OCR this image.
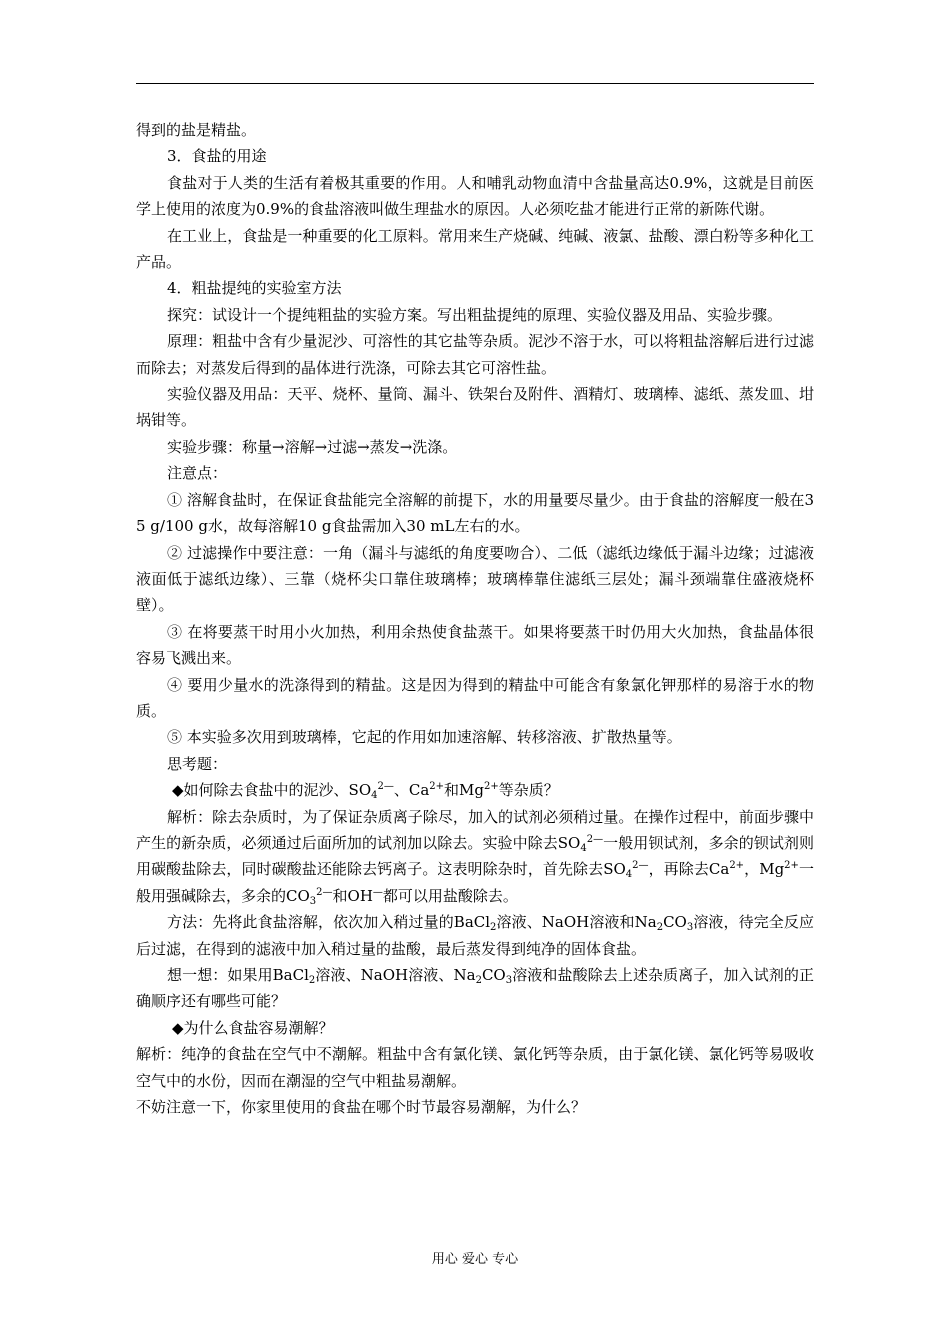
得到的盐是精盐。

3．食盐的用途

食盐对于人类的生活有着极其重要的作用。人和哺乳动物血清中含盐量高达0.9%，这就是目前医学上使用的浓度为0.9%的食盐溶液叫做生理盐水的原因。人必须吃盐才能进行正常的新陈代谢。

在工业上，食盐是一种重要的化工原料。常用来生产烧碱、纯碱、液氯、盐酸、漂白粉等多种化工产品。

4．粗盐提纯的实验室方法

探究：试设计一个提纯粗盐的实验方案。写出粗盐提纯的原理、实验仪器及用品、实验步骤。

原理：粗盐中含有少量泥沙、可溶性的其它盐等杂质。泥沙不溶于水，可以将粗盐溶解后进行过滤而除去；对蒸发后得到的晶体进行洗涤，可除去其它可溶性盐。

实验仪器及用品：天平、烧杯、量筒、漏斗、铁架台及附件、酒精灯、玻璃棒、滤纸、蒸发皿、坩埚钳等。

实验步骤：称量→溶解→过滤→蒸发→洗涤。

注意点：

① 溶解食盐时，在保证食盐能完全溶解的前提下，水的用量要尽量少。由于食盐的溶解度一般在35 g/100 g水，故每溶解10 g食盐需加入30 mL左右的水。

② 过滤操作中要注意：一角（漏斗与滤纸的角度要吻合）、二低（滤纸边缘低于漏斗边缘；过滤液液面低于滤纸边缘）、三靠（烧杯尖口靠住玻璃棒；玻璃棒靠住滤纸三层处；漏斗颈端靠住盛液烧杯壁）。

③ 在将要蒸干时用小火加热，利用余热使食盐蒸干。如果将要蒸干时仍用大火加热，食盐晶体很容易飞溅出来。

④ 要用少量水的洗涤得到的精盐。这是因为得到的精盐中可能含有象氯化钾那样的易溶于水的物质。

⑤ 本实验多次用到玻璃棒，它起的作用如加速溶解、转移溶液、扩散热量等。

思考题：

◆如何除去食盐中的泥沙、$SO_4^{2—}$、$Ca^{2+}$和$Mg^{2+}$等杂质？

解析：除去杂质时，为了保证杂质离子除尽，加入的试剂必须稍过量。在操作过程中，前面步骤中产生的新杂质，必须通过后面所加的试剂加以除去。实验中除去$SO_4^{2—}$一般用钡试剂，多余的钡试剂则用碳酸盐除去，同时碳酸盐还能除去钙离子。这表明除杂时，首先除去$SO_4^{2—}$，再除去$Ca^{2+}$，$Mg^{2+}$一般用强碱除去，多余的$CO_3^{2—}$和OH—都可以用盐酸除去。

方法：先将此食盐溶解，依次加入稍过量的BaCl$_2$溶液、NaOH溶液和$Na_2CO_3$溶液，待完全反应后过滤，在得到的滤液中加入稍过量的盐酸，最后蒸发得到纯净的固体食盐。

想一想：如果用BaCl$_2$溶液、NaOH溶液、$Na_2CO_3$溶液和盐酸除去上述杂质离子，加入试剂的正确顺序还有哪些可能？

◆为什么食盐容易潮解？

解析：纯净的食盐在空气中不潮解。粗盐中含有氯化镁、氯化钙等杂质，由于氯化镁、氯化钙等易吸收空气中的水份，因而在潮湿的空气中粗盐易潮解。

不妨注意一下，你家里使用的食盐在哪个时节最容易潮解，为什么？

用心 爱心 专心
